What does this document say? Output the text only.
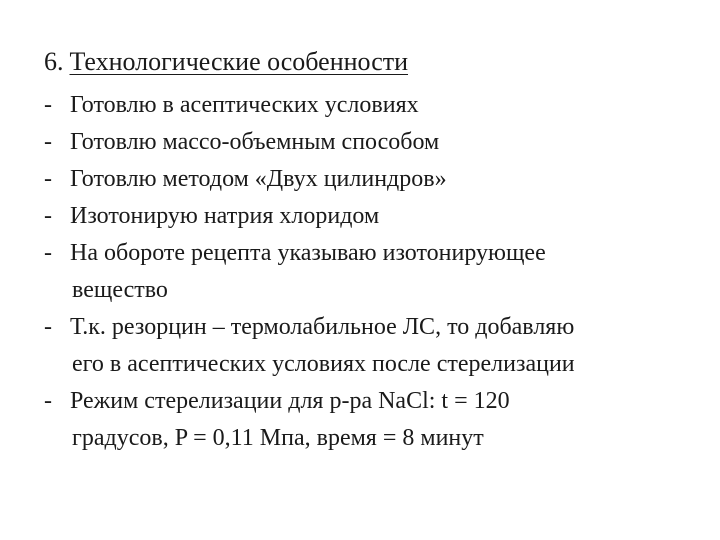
6. Технологические особенности
- Готовлю в асептических условиях
- Готовлю массо-объемным способом
- Готовлю методом «Двух цилиндров»
- Изотонирую натрия хлоридом
- На обороте рецепта указываю изотонирующее
вещество
- Т.к. резорцин – термолабильное ЛС, то добавляю
его в асептических условиях после стерелизации
- Режим стерелизации для р-ра NaCl: t = 120
градусов, P = 0,11 Мпа, время = 8 минут
